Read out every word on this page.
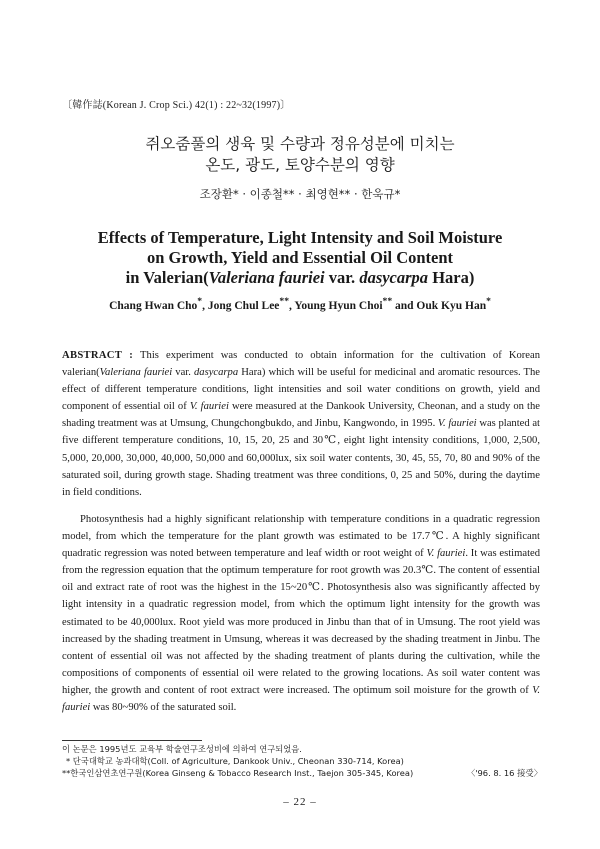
〔韓作誌(Korean J. Crop Sci.) 42(1) : 22~32(1997)〕
쥐오줌풀의 생육 및 수량과 정유성분에 미치는
온도, 광도, 토양수분의 영향
조장환* · 이종철** · 최영현** · 한욱규*
Effects of Temperature, Light Intensity and Soil Moisture
on Growth, Yield and Essential Oil Content
in Valerian(Valeriana fauriei var. dasycarpa Hara)
Chang Hwan Cho*, Jong Chul Lee**, Young Hyun Choi** and Ouk Kyu Han*
ABSTRACT : This experiment was conducted to obtain information for the cultivation of Korean valerian(Valeriana fauriei var. dasycarpa Hara) which will be useful for medicinal and aromatic resources. The effect of different temperature conditions, light intensities and soil water conditions on growth, yield and component of essential oil of V. fauriei were measured at the Dankook University, Cheonan, and a study on the shading treatment was at Umsung, Chungchongbukdo, and Jinbu, Kangwondo, in 1995. V. fauriei was planted at five different temperature conditions, 10, 15, 20, 25 and 30℃, eight light intensity conditions, 1,000, 2,500, 5,000, 20,000, 30,000, 40,000, 50,000 and 60,000lux, six soil water contents, 30, 45, 55, 70, 80 and 90% of the saturated soil, during growth stage. Shading treatment was three conditions, 0, 25 and 50%, during the daytime in field conditions.
Photosynthesis had a highly significant relationship with temperature conditions in a quadratic regression model, from which the temperature for the plant growth was estimated to be 17.7℃. A highly significant quadratic regression was noted between temperature and leaf width or root weight of V. fauriei. It was estimated from the regression equation that the optimum temperature for root growth was 20.3℃. The content of essential oil and extract rate of root was the highest in the 15~20℃. Photosynthesis also was significantly affected by light intensity in a quadratic regression model, from which the optimum light intensity for the growth was estimated to be 40,000lux. Root yield was more produced in Jinbu than that of in Umsung. The root yield was increased by the shading treatment in Umsung, whereas it was decreased by the shading treatment in Jinbu. The content of essential oil was not affected by the shading treatment of plants during the cultivation, while the compositions of components of essential oil were related to the growing locations. As soil water content was higher, the growth and content of root extract were increased. The optimum soil moisture for the growth of V. fauriei was 80~90% of the saturated soil.
이 논문은 1995년도 교육부 학술연구조성비에 의하여 연구되었음.
* 단국대학교 농과대학(Coll. of Agriculture, Dankook Univ., Cheonan 330-714, Korea)
**한국인삼연초연구원(Korea Ginseng & Tobacco Research Inst., Taejon 305-345, Korea)	〈'96. 8. 16 接受〉
– 22 –
